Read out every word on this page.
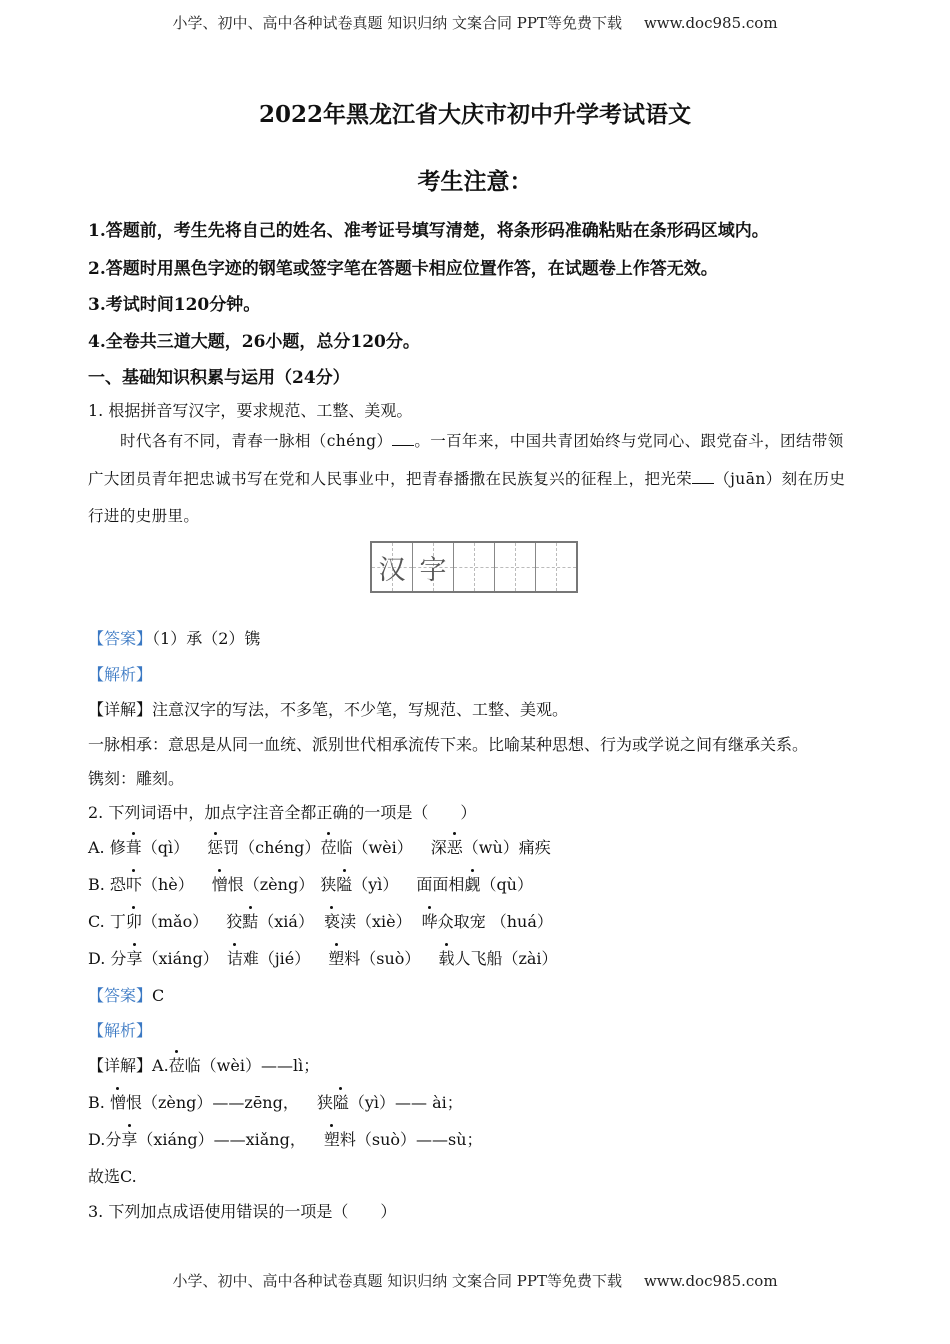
小学、初中、高中各种试卷真题 知识归纳 文案合同 PPT等免费下载 www.doc985.com
2022年黑龙江省大庆市初中升学考试语文
考生注意：
1.答题前，考生先将自己的姓名、准考证号填写清楚，将条形码准确粘贴在条形码区域内。
2.答题时用黑色字迹的钢笔或签字笔在答题卡相应位置作答，在试题卷上作答无效。
3.考试时间120分钟。
4.全卷共三道大题，26小题，总分120分。
一、基础知识积累与运用（24分）
1. 根据拼音写汉字，要求规范、工整、美观。
时代各有不同，青春一脉相（chéng） 。一百年来，中国共青团始终与党同心、跟党奋斗，团结带领广大团员青年把忠诚书写在党和人民事业中，把青春播撒在民族复兴的征程上，把光荣 （juān）刻在历史行进的史册里。
汉 字
【答案】（1）承（2）镌
【解析】
【详解】注意汉字的写法，不多笔，不少笔，写规范、工整、美观。
一脉相承：意思是从同一血统、派别世代相承流传下来。比喻某种思想、行为或学说之间有继承关系。
镌刻：雕刻。
2. 下列词语中，加点字注音全都正确的一项是（　　）
A. 修葺（qì） 惩罚（chéng）莅临（wèi） 深恶（wù）痛疾
B. 恐吓（hè） 憎恨（zèng） 狭隘（yì） 面面相觑（qù）
C. 丁卯（mǎo） 狡黠（xiá） 亵渎（xiè） 哗众取宠 （huá）
D. 分享（xiáng） 诘难（jié） 塑料（suò） 载人飞船（zài）
【答案】C
【解析】
【详解】A.莅临（wèi）——lì；
B. 憎恨（zèng）——zēng， 狭隘（yì）—— ài；
D.分享（xiáng）——xiǎng， 塑料（suò）——sù；
故选C.
3. 下列加点成语使用错误的一项是（　　）
小学、初中、高中各种试卷真题 知识归纳 文案合同 PPT等免费下载 www.doc985.com
